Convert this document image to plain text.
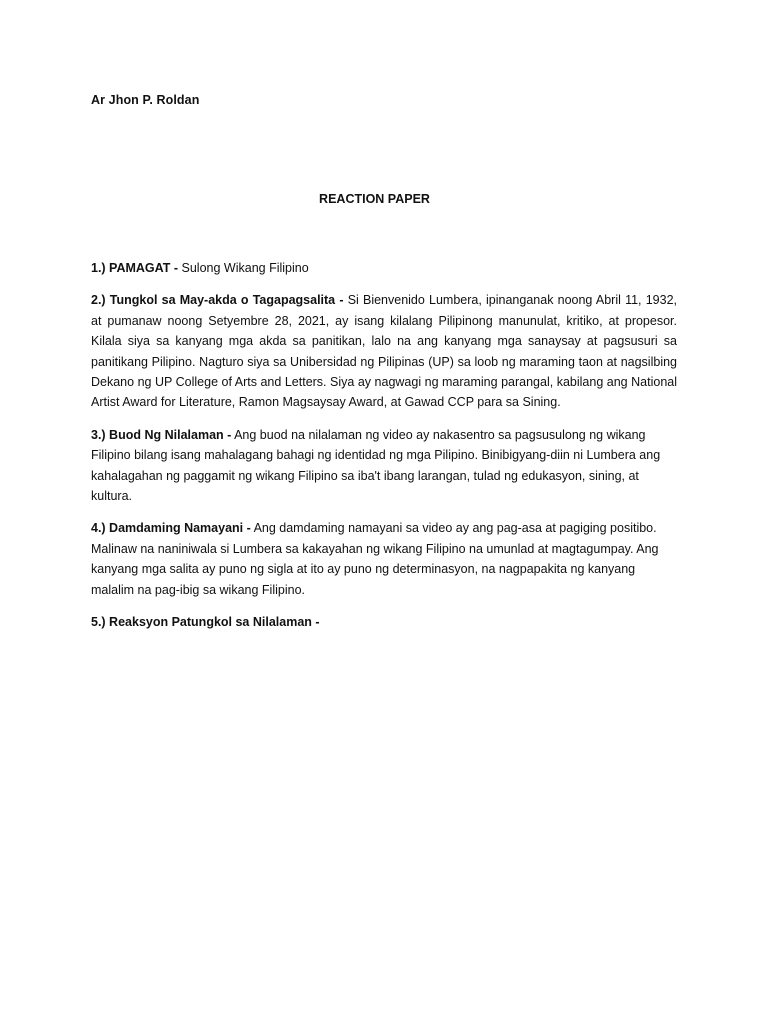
Ar Jhon P. Roldan
REACTION PAPER

1.) PAMAGAT - Sulong Wikang Filipino

2.) Tungkol sa May-akda o Tagapagsalita - Si Bienvenido Lumbera, ipinanganak noong Abril 11, 1932, at pumanaw noong Setyembre 28, 2021, ay isang kilalang Pilipinong manunulat, kritiko, at propesor. Kilala siya sa kanyang mga akda sa panitikan, lalo na ang kanyang mga sanaysay at pagsusuri sa panitikang Pilipino. Nagturo siya sa Unibersidad ng Pilipinas (UP) sa loob ng maraming taon at nagsilbing Dekano ng UP College of Arts and Letters. Siya ay nagwagi ng maraming parangal, kabilang ang National Artist Award for Literature, Ramon Magsaysay Award, at Gawad CCP para sa Sining.

3.) Buod Ng Nilalaman - Ang buod na nilalaman ng video ay nakasentro sa pagsusulong ng wikang Filipino bilang isang mahalagang bahagi ng identidad ng mga Pilipino. Binibigyang-diin ni Lumbera ang kahalagahan ng paggamit ng wikang Filipino sa iba't ibang larangan, tulad ng edukasyon, sining, at kultura.

4.) Damdaming Namayani - Ang damdaming namayani sa video ay ang pag-asa at pagiging positibo. Malinaw na naniniwala si Lumbera sa kakayahan ng wikang Filipino na umunlad at magtagumpay. Ang kanyang mga salita ay puno ng sigla at ito ay puno ng determinasyon, na nagpapakita ng kanyang malalim na pag-ibig sa wikang Filipino.

5.) Reaksyon Patungkol sa Nilalaman -
